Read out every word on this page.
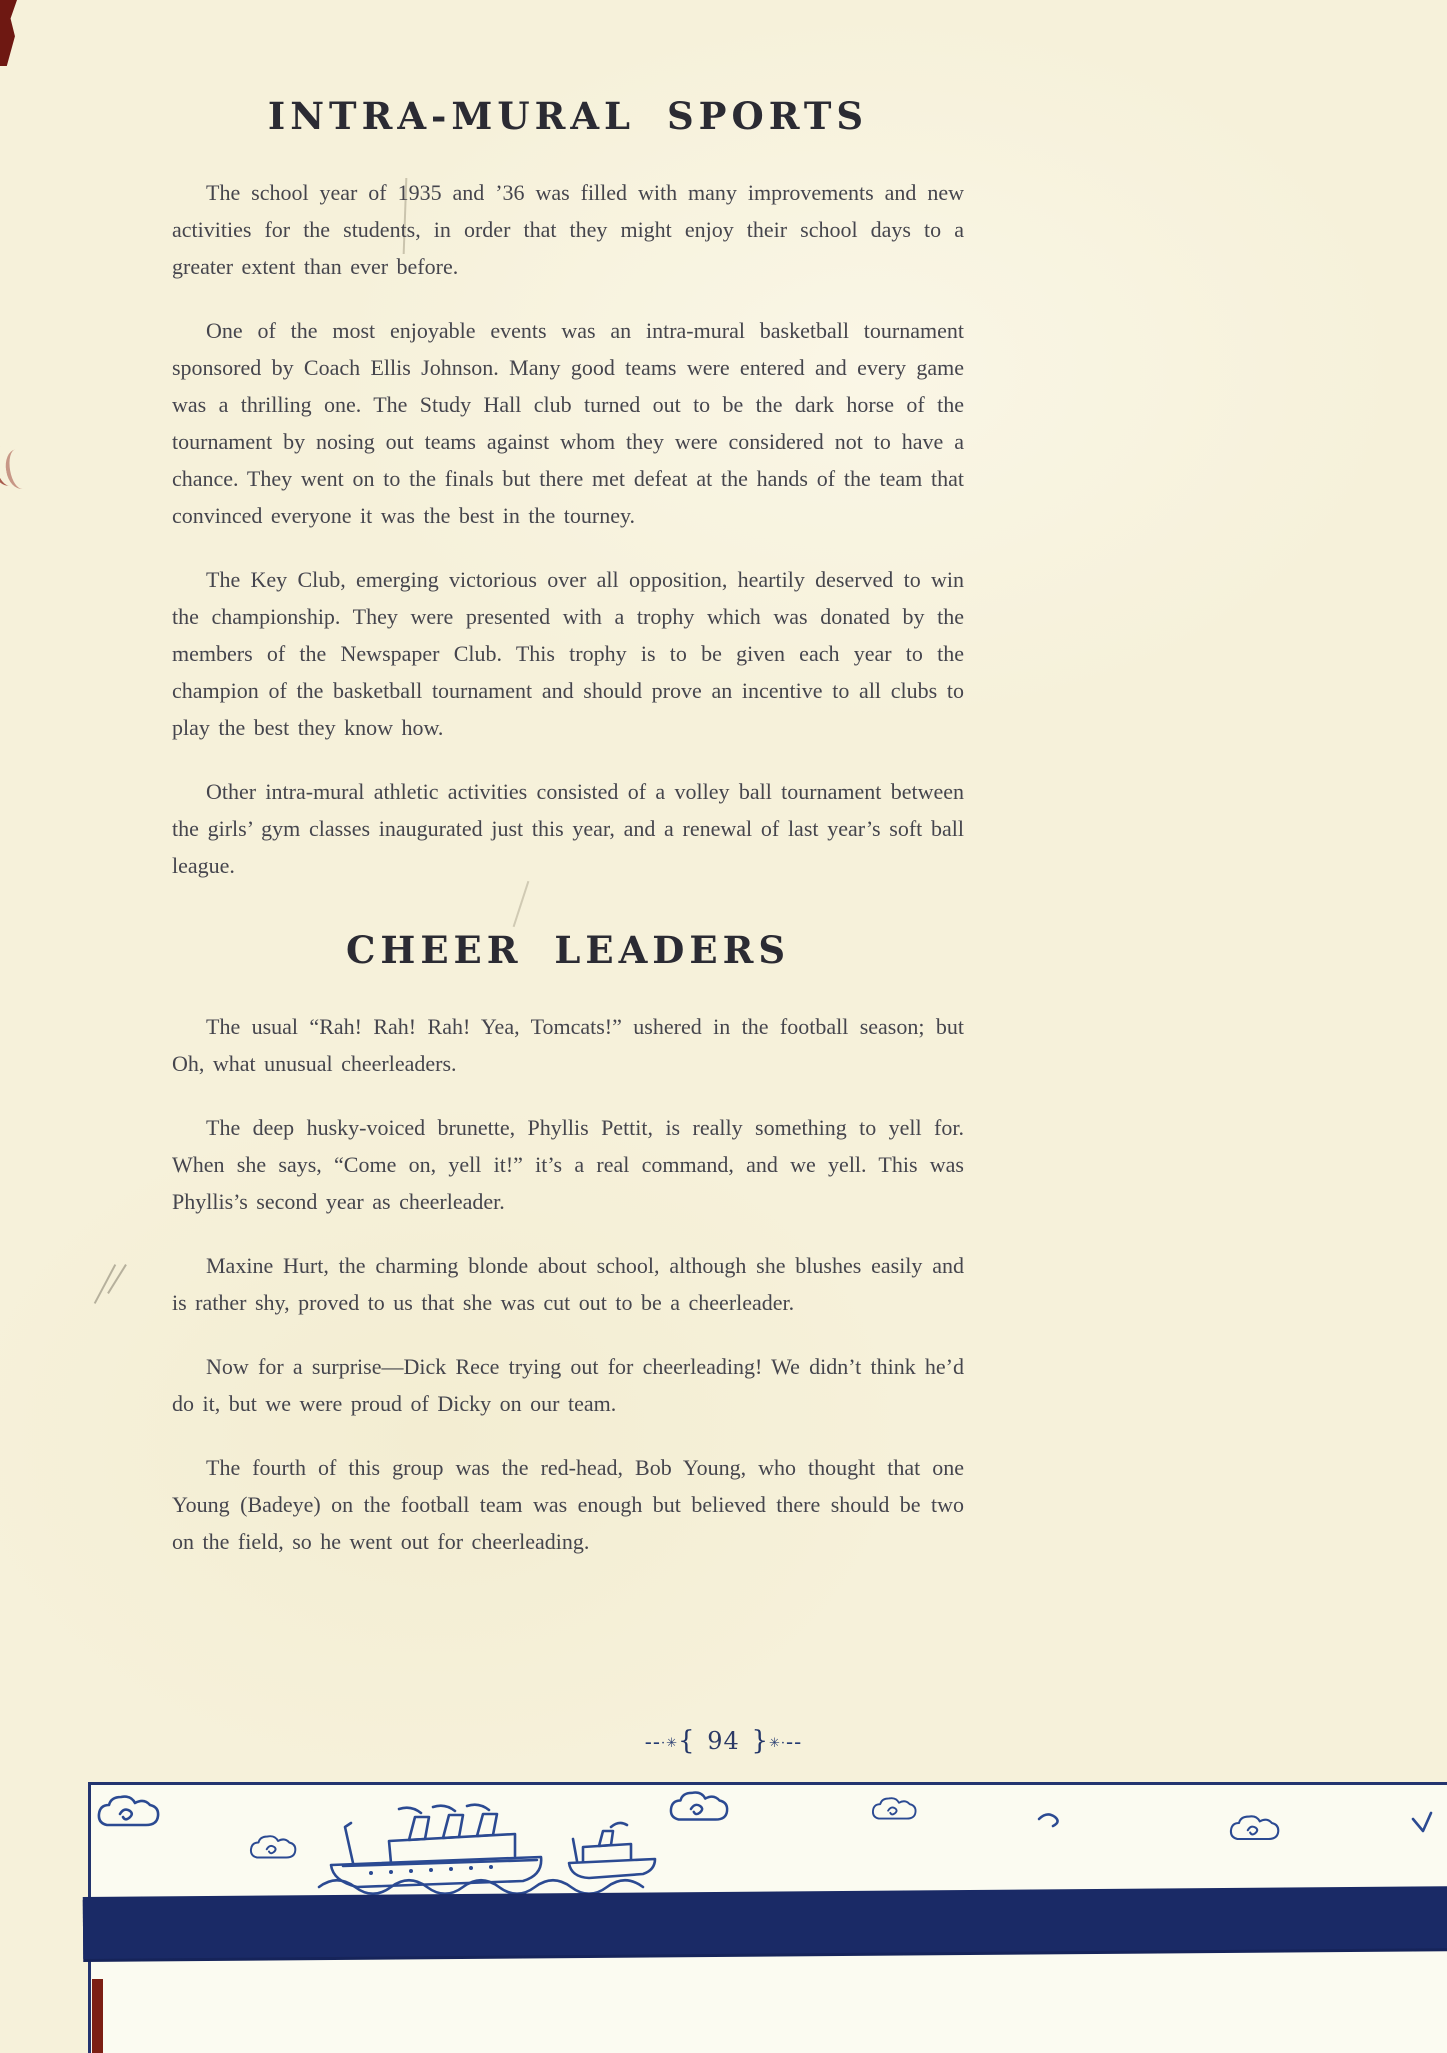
INTRA-MURAL SPORTS

The school year of 1935 and ’36 was filled with many improvements and new activities for the students, in order that they might enjoy their school days to a greater extent than ever before.

One of the most enjoyable events was an intra-mural basketball tournament sponsored by Coach Ellis Johnson. Many good teams were entered and every game was a thrilling one. The Study Hall club turned out to be the dark horse of the tournament by nosing out teams against whom they were considered not to have a chance. They went on to the finals but there met defeat at the hands of the team that convinced everyone it was the best in the tourney.

The Key Club, emerging victorious over all opposition, heartily deserved to win the championship. They were presented with a trophy which was donated by the members of the Newspaper Club. This trophy is to be given each year to the champion of the basketball tournament and should prove an incentive to all clubs to play the best they know how.

Other intra-mural athletic activities consisted of a volley ball tournament between the girls’ gym classes inaugurated just this year, and a renewal of last year’s soft ball league.

CHEER LEADERS

The usual “Rah! Rah! Rah! Yea, Tomcats!” ushered in the football season; but Oh, what unusual cheerleaders.

The deep husky-voiced brunette, Phyllis Pettit, is really something to yell for. When she says, “Come on, yell it!” it’s a real command, and we yell. This was Phyllis’s second year as cheerleader.

Maxine Hurt, the charming blonde about school, although she blushes easily and is rather shy, proved to us that she was cut out to be a cheerleader.

Now for a surprise—Dick Rece trying out for cheerleading! We didn’t think he’d do it, but we were proud of Dicky on our team.

The fourth of this group was the red-head, Bob Young, who thought that one Young (Badeye) on the football team was enough but believed there should be two on the field, so he went out for cheerleading.

--·✳{ 94 }✳·--
